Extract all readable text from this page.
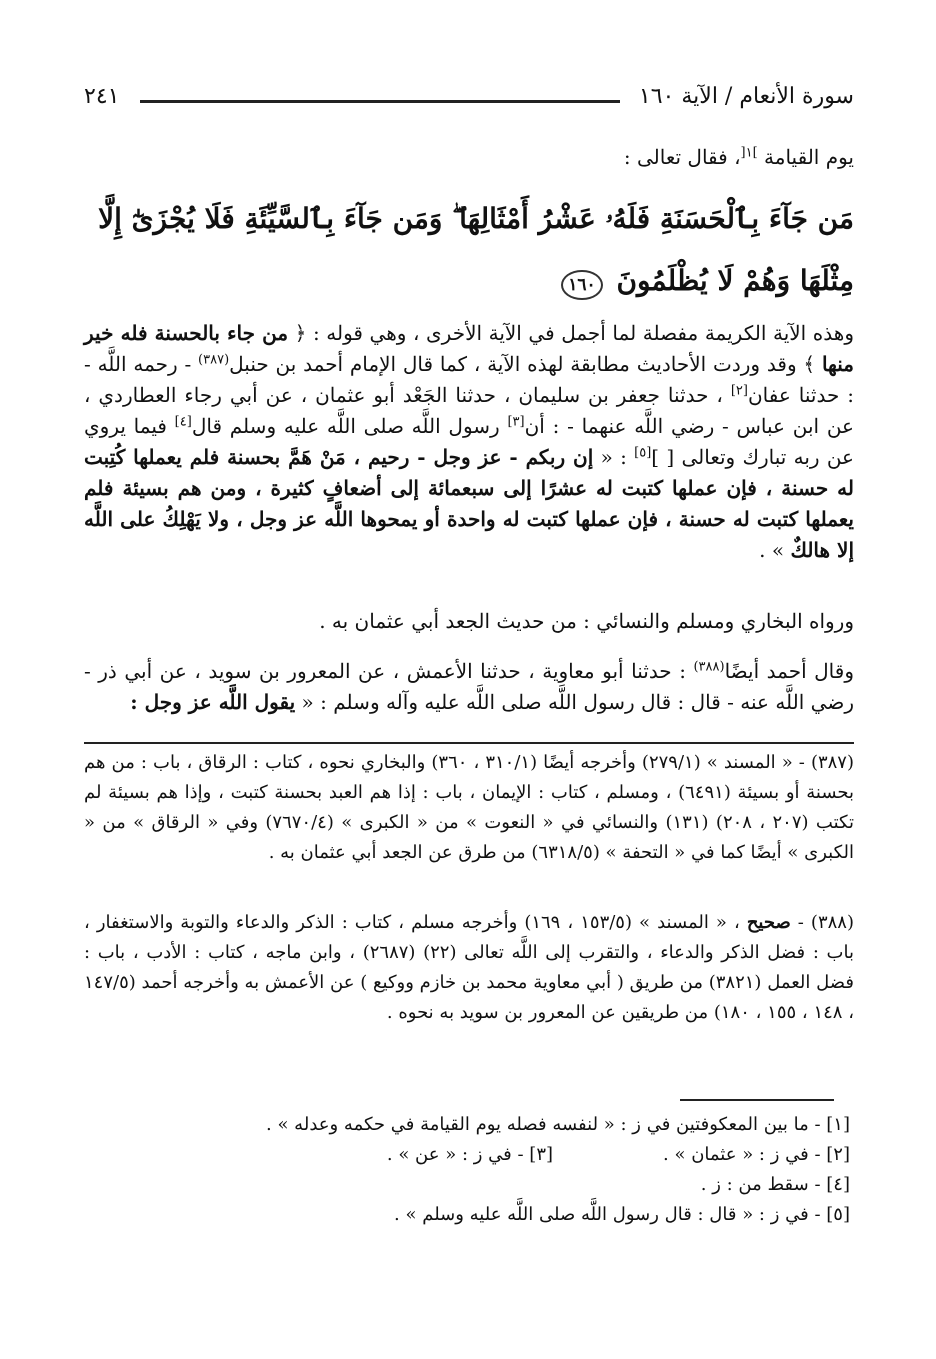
سورة الأنعام / الآية ١٦٠
٢٤١
يوم القيامة $^{]١[}$، فقال تعالى :
مَن جَآءَ بِٱلْحَسَنَةِ فَلَهُۥ عَشْرُ أَمْثَالِهَا ۖ وَمَن جَآءَ بِٱلسَّيِّئَةِ فَلَا يُجْزَىٰٓ إِلَّا مِثْلَهَا وَهُمْ لَا يُظْلَمُونَ ١٦٠
وهذه الآية الكريمة مفصلة لما أجمل في الآية الأخرى ، وهي قوله : ﴿ من جاء بالحسنة فله خير منها ﴾ وقد وردت الأحاديث مطابقة لهذه الآية ، كما قال الإمام أحمد بن حنبل$^{(٣٨٧)}$ - رحمه اللَّه - : حدثنا عفان[٢] ، حدثنا جعفر بن سليمان ، حدثنا الجَعْد أبو عثمان ، عن أبي رجاء العطاردي ، عن ابن عباس - رضي اللَّه عنهما - : أن[٣] رسول اللَّه صلى اللَّه عليه وسلم قال[٤] فيما يروي عن ربه تبارك وتعالى [ ][٥] : « إن ربكم - عز وجل - رحيم ، مَنْ هَمَّ بحسنة فلم يعملها كُتِبت له حسنة ، فإن عملها كتبت له عشرًا إلى سبعمائة إلى أضعافٍ كثيرة ، ومن هم بسيئة فلم يعملها كتبت له حسنة ، فإن عملها كتبت له واحدة أو يمحوها اللَّه عز وجل ، ولا يَهْلِكُ على اللَّه إلا هالكٌ » .
ورواه البخاري ومسلم والنسائي : من حديث الجعد أبي عثمان به .
وقال أحمد أيضًا$^{(٣٨٨)}$ : حدثنا أبو معاوية ، حدثنا الأعمش ، عن المعرور بن سويد ، عن أبي ذر - رضي اللَّه عنه - قال : قال رسول اللَّه صلى اللَّه عليه وآله وسلم : « يقول اللَّه عز وجل :
(٣٨٧) - « المسند » (٢٧٩/١) وأخرجه أيضًا (٣١٠/١ ، ٣٦٠) والبخاري نحوه ، كتاب : الرقاق ، باب : من هم بحسنة أو بسيئة (٦٤٩١) ، ومسلم ، كتاب : الإيمان ، باب : إذا هم العبد بحسنة كتبت ، وإذا هم بسيئة لم تكتب (٢٠٧ ، ٢٠٨) (١٣١) والنسائي في « النعوت » من « الكبرى » (٧٦٧٠/٤) وفي « الرقاق » من « الكبرى » أيضًا كما في « التحفة » (٦٣١٨/٥) من طرق عن الجعد أبي عثمان به .
(٣٨٨) - صحيح ، « المسند » (١٥٣/٥ ، ١٦٩) وأخرجه مسلم ، كتاب : الذكر والدعاء والتوبة والاستغفار ، باب : فضل الذكر والدعاء ، والتقرب إلى اللَّه تعالى (٢٢) (٢٦٨٧) ، وابن ماجه ، كتاب : الأدب ، باب : فضل العمل (٣٨٢١) من طريق ( أبي معاوية محمد بن خازم ووكيع ) عن الأعمش به وأخرجه أحمد (١٤٧/٥ ، ١٤٨ ، ١٥٥ ، ١٨٠) من طريقين عن المعرور بن سويد به نحوه .
[١] - ما بين المعكوفتين في ز : « لنفسه فصله يوم القيامة في حكمه وعدله » .
[٢] - في ز : « عثمان » .
[٣] - في ز : « عن » .
[٤] - سقط من : ز .
[٥] - في ز : « قال : قال رسول اللَّه صلى اللَّه عليه وسلم » .
